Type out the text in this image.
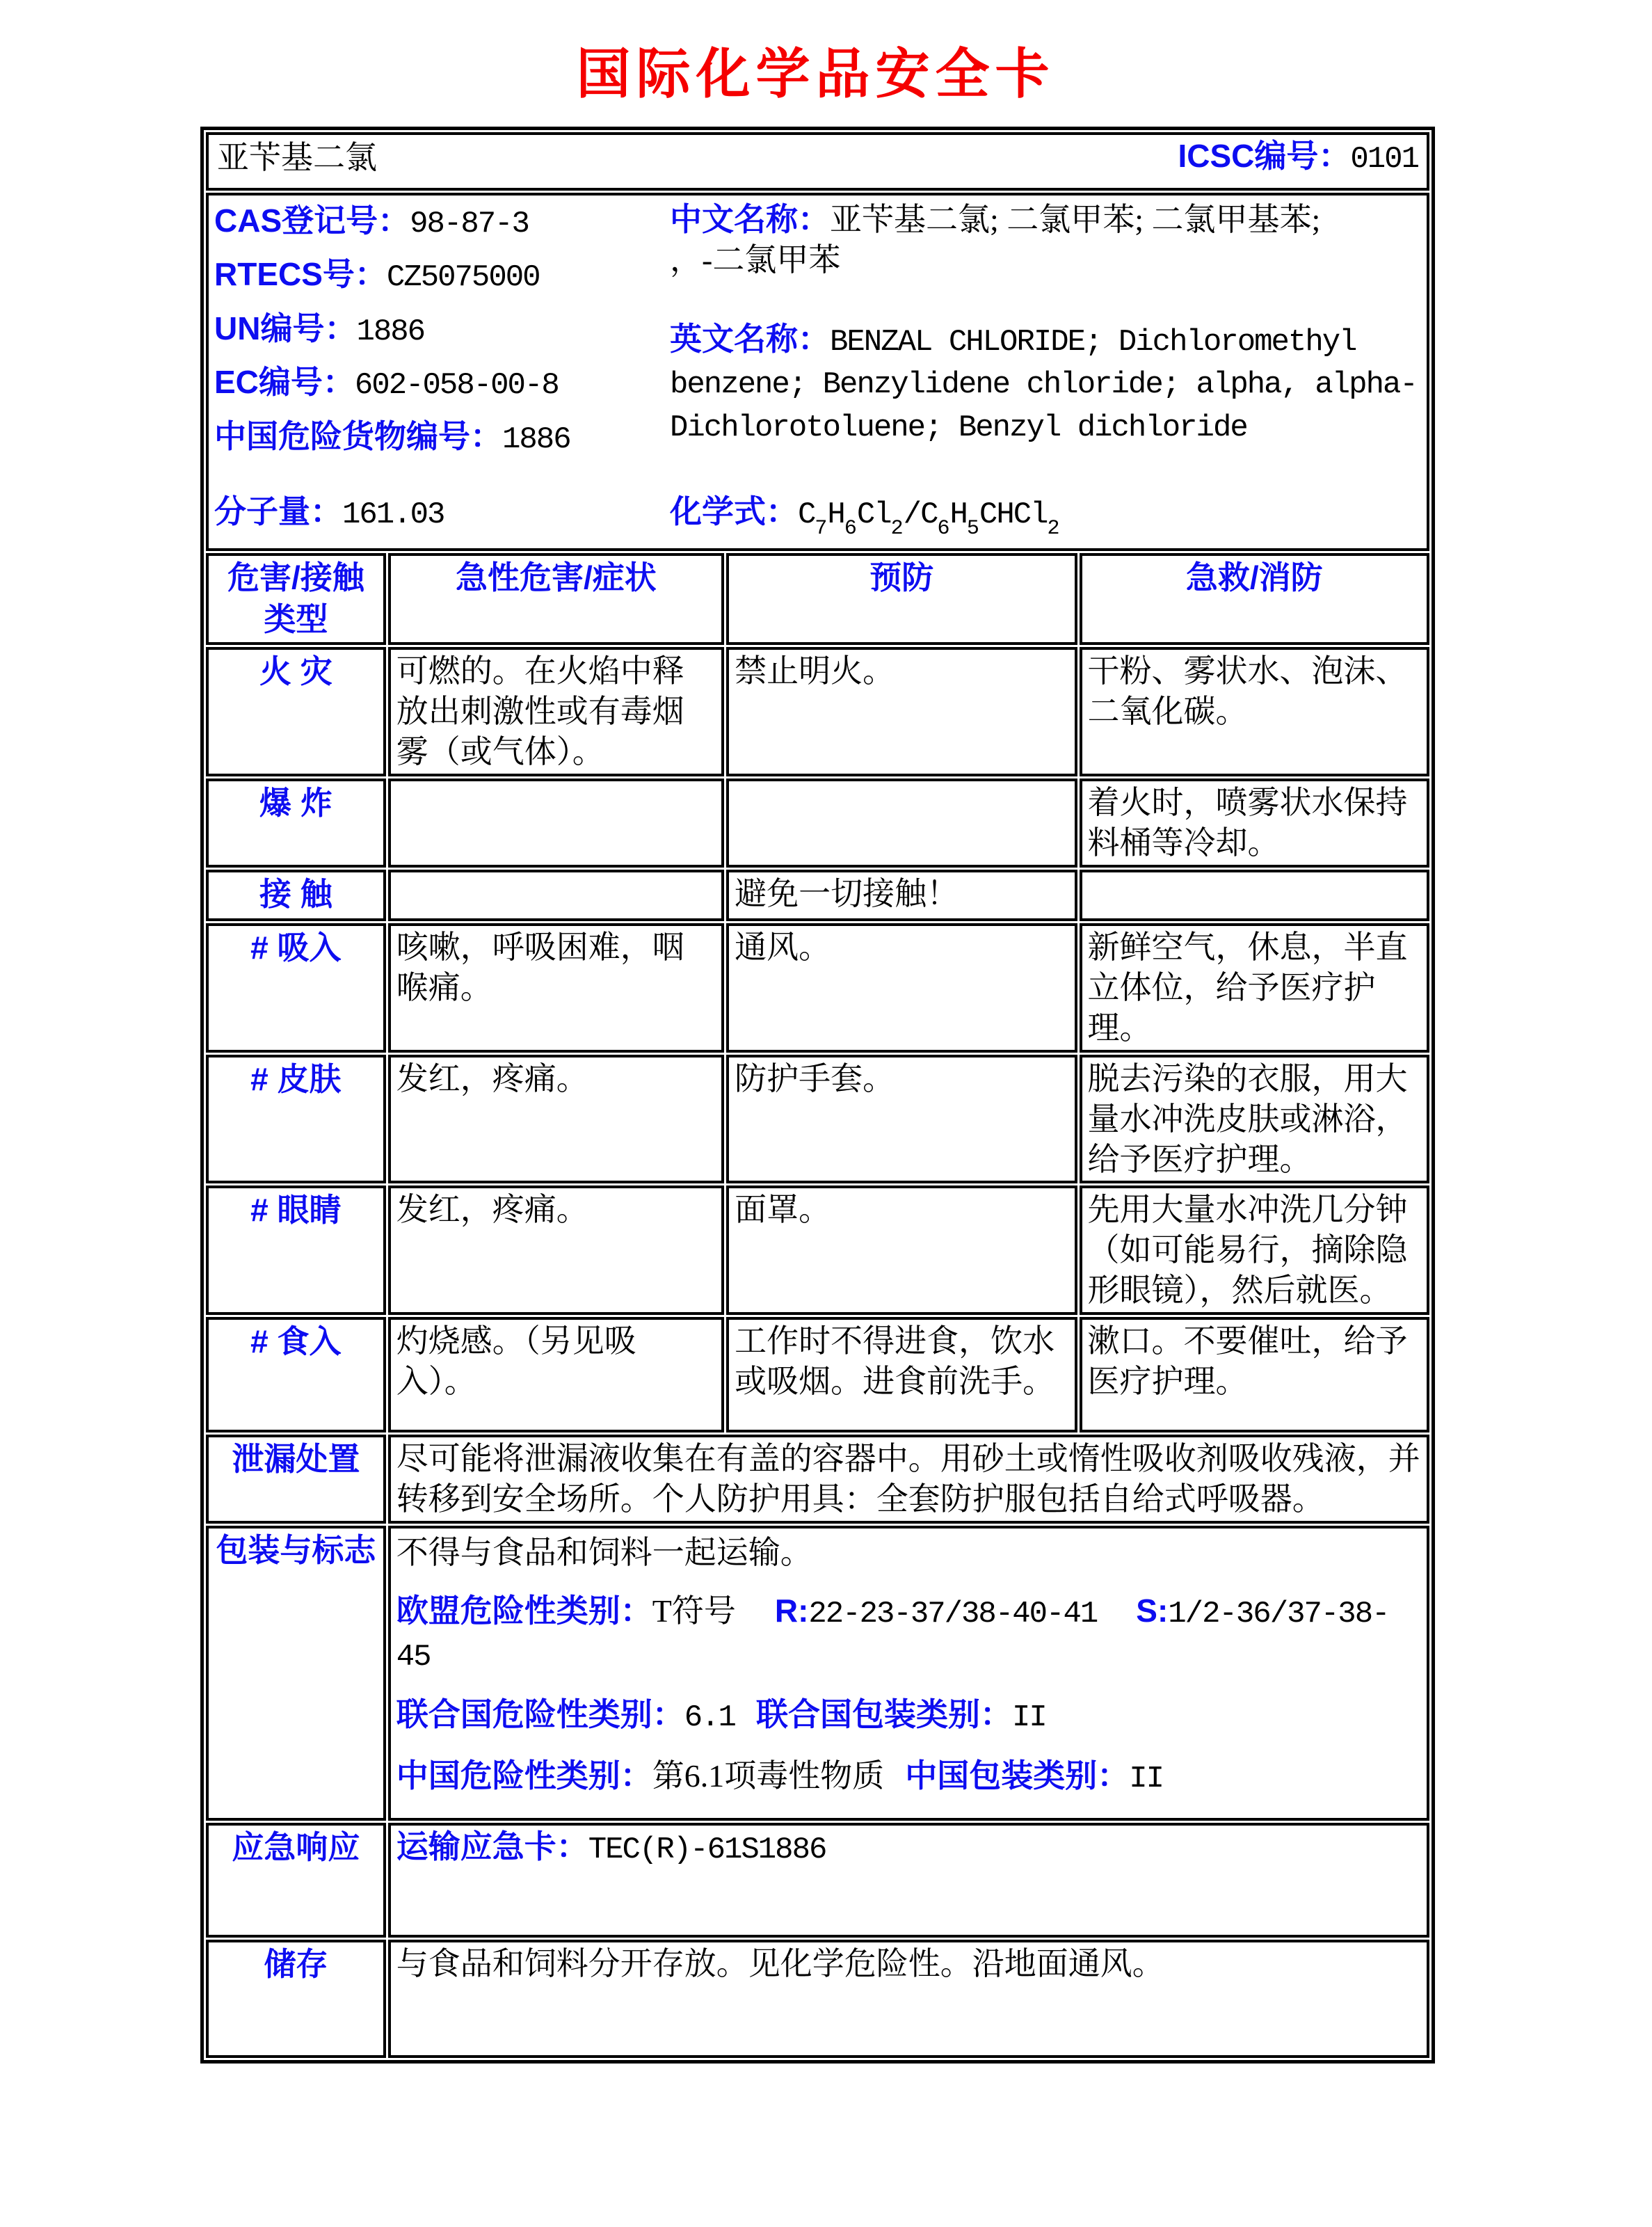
国际化学品安全卡
亚苄基二氯 ICSC编号：0101			

CAS登记号：98-87-3
RTECS号：CZ5075000
UN编号：1886
EC编号：602-058-00-8
中国危险货物编号：1886
中文名称：亚苄基二氯; 二氯甲苯; 二氯甲基苯;
，-二氯甲苯
英文名称：BENZAL CHLORIDE; Dichloromethyl benzene; Benzylidene chloride; alpha, alpha-Dichlorotoluene; Benzyl dichloride
分子量：161.03	化学式：$C_7H_6Cl_2/C_6H_5CHCl_2$

危害/接触
类型	急性危害/症状	预防	急救/消防

火 灾	可燃的。在火焰中释放出刺激性或有毒烟雾（或气体）。	禁止明火。	干粉、雾状水、泡沫、二氧化碳。
爆 炸			着火时，喷雾状水保持料桶等冷却。
接 触		避免一切接触！	
# 吸入	咳嗽，呼吸困难，咽喉痛。	通风。	新鲜空气，休息，半直立体位，给予医疗护理。
# 皮肤	发红，疼痛。	防护手套。	脱去污染的衣服，用大量水冲洗皮肤或淋浴，给予医疗护理。
# 眼睛	发红，疼痛。	面罩。	先用大量水冲洗几分钟（如可能易行，摘除隐形眼镜），然后就医。
# 食入	灼烧感。（另见吸入）。	工作时不得进食，饮水或吸烟。进食前洗手。	漱口。不要催吐，给予医疗护理。
泄漏处置	尽可能将泄漏液收集在有盖的容器中。用砂土或惰性吸收剂吸收残液，并转移到安全场所。个人防护用具：全套防护服包括自给式呼吸器。		
包装与标志	不得与食品和饲料一起运输。
欧盟危险性类别：T符号 R:22-23-37/38-40-41 S:1/2-36/37-38-45
联合国危险性类别：6.1 联合国包装类别：II
中国危险性类别：第6.1项毒性物质 中国包装类别：II		

应急响应	运输应急卡：TEC(R)-61S1886		
储存	与食品和饲料分开存放。见化学危险性。沿地面通风。		
